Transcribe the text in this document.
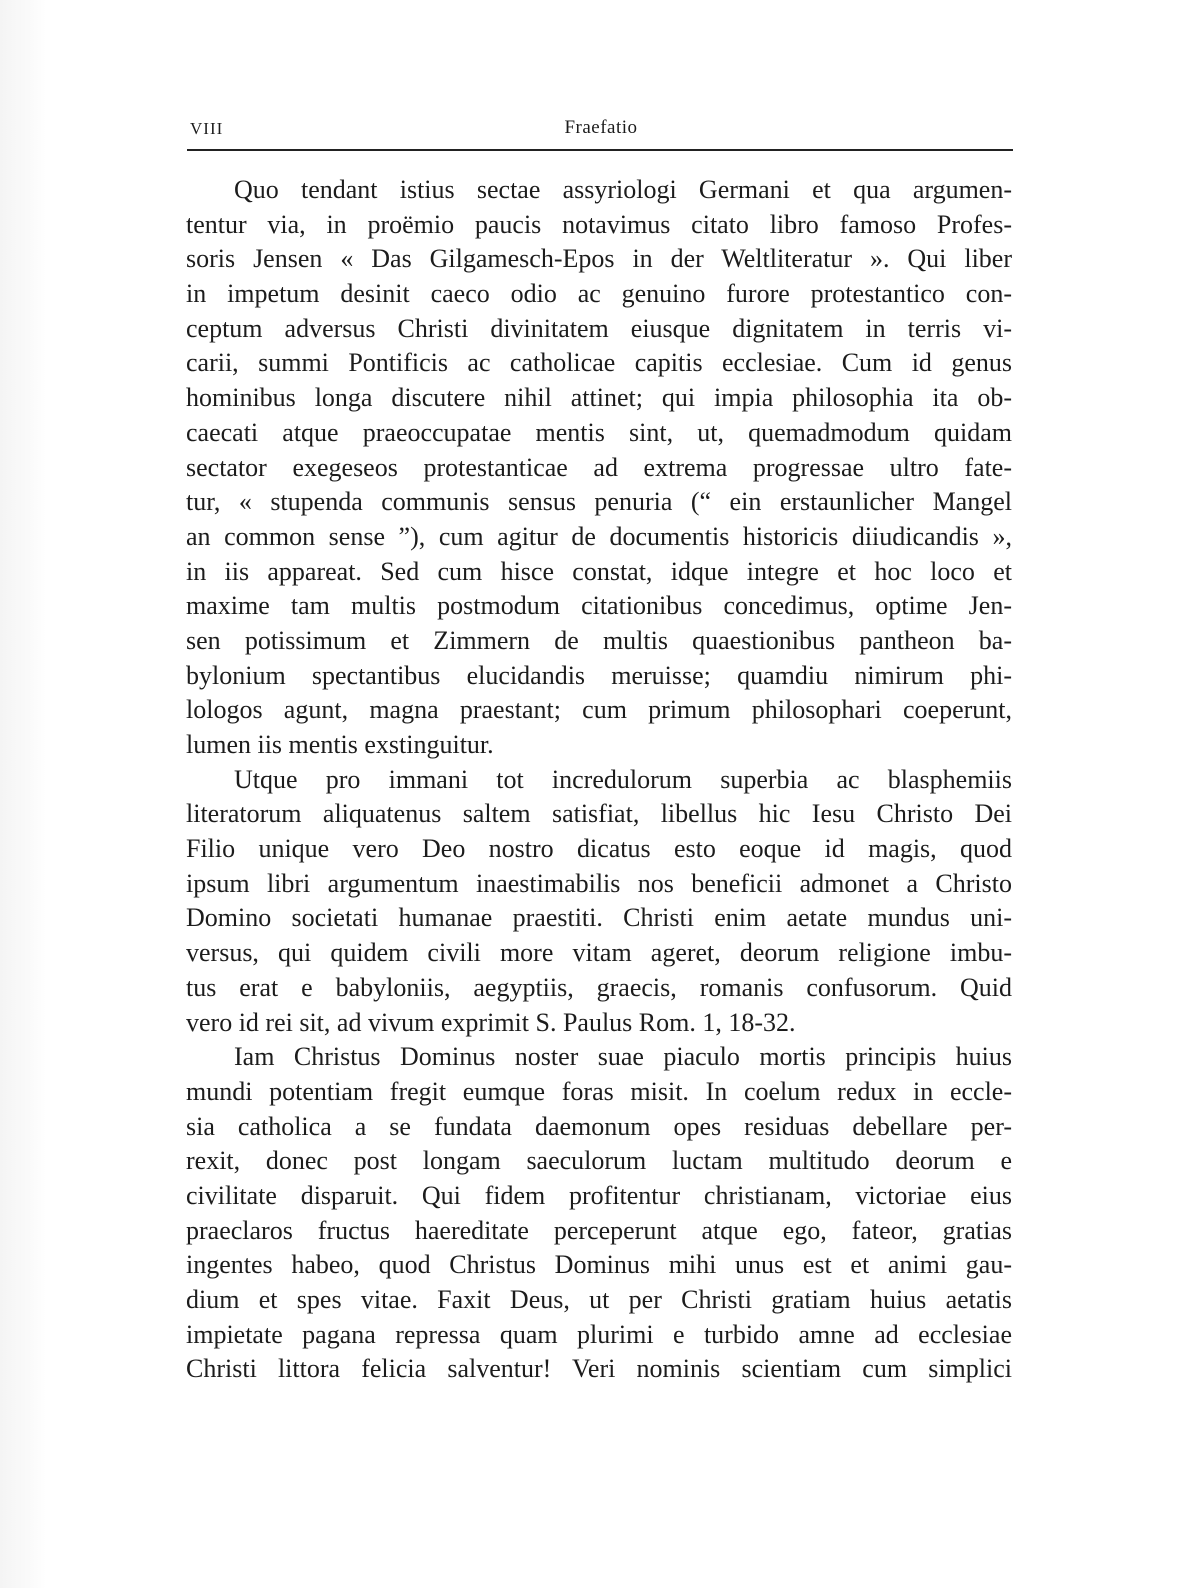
VIII	Fraefatio
Quo tendant istius sectae assyriologi Germani et qua argumen-
tentur via, in proëmio paucis notavimus citato libro famoso Profes-
soris Jensen « Das Gilgamesch-Epos in der Weltliteratur ». Qui liber
in impetum desinit caeco odio ac genuino furore protestantico con-
ceptum adversus Christi divinitatem eiusque dignitatem in terris vi-
carii, summi Pontificis ac catholicae capitis ecclesiae. Cum id genus
hominibus longa discutere nihil attinet; qui impia philosophia ita ob-
caecati atque praeoccupatae mentis sint, ut, quemadmodum quidam
sectator exegeseos protestanticae ad extrema progressae ultro fate-
tur, « stupenda communis sensus penuria (“ ein erstaunlicher Mangel
an common sense ”), cum agitur de documentis historicis diiudicandis »,
in iis appareat. Sed cum hisce constat, idque integre et hoc loco et
maxime tam multis postmodum citationibus concedimus, optime Jen-
sen potissimum et Zimmern de multis quaestionibus pantheon ba-
bylonium spectantibus elucidandis meruisse; quamdiu nimirum phi-
lologos agunt, magna praestant; cum primum philosophari coeperunt,
lumen iis mentis exstinguitur.
Utque pro immani tot incredulorum superbia ac blasphemiis
literatorum aliquatenus saltem satisfiat, libellus hic Iesu Christo Dei
Filio unique vero Deo nostro dicatus esto eoque id magis, quod
ipsum libri argumentum inaestimabilis nos beneficii admonet a Christo
Domino societati humanae praestiti. Christi enim aetate mundus uni-
versus, qui quidem civili more vitam ageret, deorum religione imbu-
tus erat e babyloniis, aegyptiis, graecis, romanis confusorum. Quid
vero id rei sit, ad vivum exprimit S. Paulus Rom. 1, 18-32.
Iam Christus Dominus noster suae piaculo mortis principis huius
mundi potentiam fregit eumque foras misit. In coelum redux in eccle-
sia catholica a se fundata daemonum opes residuas debellare per-
rexit, donec post longam saeculorum luctam multitudo deorum e
civilitate disparuit. Qui fidem profitentur christianam, victoriae eius
praeclaros fructus haereditate perceperunt atque ego, fateor, gratias
ingentes habeo, quod Christus Dominus mihi unus est et animi gau-
dium et spes vitae. Faxit Deus, ut per Christi gratiam huius aetatis
impietate pagana repressa quam plurimi e turbido amne ad ecclesiae
Christi littora felicia salventur! Veri nominis scientiam cum simplici
